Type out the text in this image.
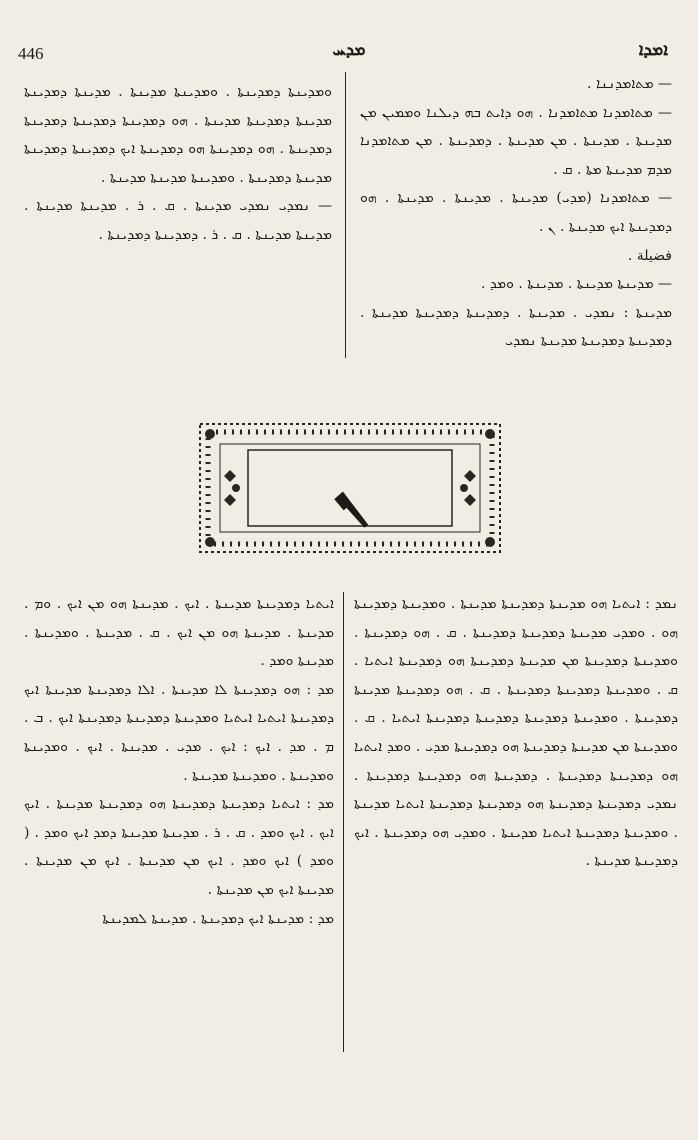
446	ܡܕܚ	ܐܡܕܐ

— ܡܬܐܡܕܢܢܐ .

— ܡܬܐܡܕܢܐ ܡܬܐܡܕܢܐ . ܗܘ ܕܐܝܬ ܒܗ ܕܝܠܢܐ ܘܡܡܝܢ ܡܢ ܡܕܝܢܬܐ . ܡܕܝܢܬܐ . ܡܢ ܡܕܝܢܬܐ . ܕܡܕܝܢܬܐ . ܡܢ ܡܬܐܡܕܢܐ ܡܕܡ ܡܕܝܢܬܐ ܡܬܐ . ܩ .

— ܡܬܐܡܕܢܐ (ܡܕܝ) ܡܕܝܢܬܐ . ܡܕܝܢܬܐ . ܡܕܝܢܬܐ . ܗܘ ܕܡܕܝܢܬܐ ܐܝܟ ܡܕܝܢܬܐ . ܢ .

فضيلة .

— ܡܕܝܢܬܐ ܡܕܝܢܬܐ . ܡܕܝܢܬܐ . ܘܡܕ .

ܡܕܝܢܬܐ : ܢܡܕܝ . ܡܕܝܢܬܐ . ܕܡܕܝܢܬܐ ܕܡܕܝܢܬܐ ܡܕܝܢܬܐ . ܕܡܕܝܢܬܐ ܕܡܕܝܢܬܐ ܡܕܝܢܬܐ ܢܡܕܝ

ܘܡܕܝܢܬܐ ܕܡܕܝܢܬܐ . ܘܡܕܝܢܬܐ ܡܕܝܢܬܐ . ܡܕܝܢܬܐ ܕܡܕܝܢܬܐ ܡܕܝܢܬܐ ܕܡܕܝܢܬܐ ܡܕܝܢܬܐ . ܗܘ ܕܡܕܝܢܬܐ ܕܡܕܝܢܬܐ ܕܡܕܝܢܬܐ ܕܡܕܝܢܬܐ . ܗܘ ܕܡܕܝܢܬܐ ܗܘ ܕܡܕܝܢܬܐ ܐܝܟ ܕܡܕܝܢܬܐ ܕܡܕܝܢܬܐ ܡܕܝܢܬܐ ܕܡܕܝܢܬܐ . ܘܡܕܝܢܬܐ ܡܕܝܢܬܐ ܡܕܝܢܬܐ .

— ܢܡܕܝ ܢܡܕܝ ܡܕܝܢܬܐ . ܩ . ܪ . ܡܕܝܢܬܐ ܡܕܝܢܬܐ . ܡܕܝܢܬܐ ܡܕܝܢܬܐ . ܩ . ܪ . ܕܡܕܝܢܬܐ ܕܡܕܝܢܬܐ .

ܢ

ܢܡܕ : ܐܝܬܝܐ ܗܘ ܡܕܝܢܬܐ ܕܡܕܝܢܬܐ ܡܕܝܢܬܐ . ܘܡܕܝܢܬܐ ܕܡܕܝܢܬܐ ܗܘ . ܘܡܕܝ ܡܕܝܢܬܐ ܕܡܕܝܢܬܐ ܕܡܕܝܢܬܐ . ܩ . ܗܘ ܕܡܕܝܢܬܐ . ܘܡܕܝܢܬܐ ܕܡܕܝܢܬܐ ܡܢ ܡܕܝܢܬܐ ܕܡܕܝܢܬܐ ܗܘ ܕܡܕܝܢܬܐ ܐܝܬܝܐ . ܩ . ܘܡܕܝܢܬܐ ܕܡܕܝܢܬܐ ܕܡܕܝܢܬܐ . ܩ . ܗܘ ܕܡܕܝܢܬܐ ܡܕܝܢܬܐ ܕܡܕܝܢܬܐ . ܘܡܕܝܢܬܐ ܕܡܕܝܢܬܐ ܕܡܕܝܢܬܐ ܕܡܕܝܢܬܐ ܐܝܬܝܐ . ܩ . ܘܡܕܝܢܬܐ ܡܢ ܡܕܝܢܬܐ ܕܡܕܝܢܬܐ ܗܘ ܕܡܕܝܢܬܐ ܡܕܝ . ܘܡܕ ܐܝܬܝܐ ܗܘ ܕܡܕܝܢܬܐ ܕܡܕܝܢܬܐ . ܕܡܕܝܢܬܐ ܗܘ ܕܡܕܝܢܬܐ ܕܡܕܝܢܬܐ . ܢܡܕܝ ܕܡܕܝܢܬܐ ܕܡܕܝܢܬܐ ܗܘ ܕܡܕܝܢܬܐ ܕܡܕܝܢܬܐ ܐܝܬܝܐ ܡܕܝܢܬܐ . ܘܡܕܝܢܬܐ ܕܡܕܝܢܬܐ ܐܝܬܝܐ ܡܕܝܢܬܐ . ܘܡܕܝ ܗܘ ܕܡܕܝܢܬܐ . ܐܝܟ ܕܡܕܝܢܬܐ ܡܕܝܢܬܐ .

ܐܝܬܝܐ ܕܡܕܝܢܬܐ ܡܕܝܢܬܐ . ܐܝܟ . ܡܕܝܢܬܐ ܗܘ ܡܢ ܐܝܟ . ܘܡ . ܡܕܝܢܬܐ . ܡܕܝܢܬܐ ܗܘ ܡܢ ܐܝܟ . ܩ . ܡܕܝܢܬܐ . ܘܡܕܝܢܬܐ . ܡܕܝܢܬܐ ܘܡܕ .

ܡܕ : ܗܘ ܕܡܕܝܢܬܐ ܠܐ ܡܕܝܢܬܐ . ܐܠܐ ܕܡܕܝܢܬܐ ܡܕܝܢܬܐ ܐܝܟ ܕܡܕܝܢܬܐ ܐܝܬܝܐ ܐܝܬܝܐ ܘܡܕܝܢܬܐ ܕܡܕܝܢܬܐ ܕܡܕܝܢܬܐ ܐܝܟ . ܒ . ܡ . ܡܕ . ܐܝܟ : ܐܝܟ . ܡܕܝ . ܡܕܝܢܬܐ . ܐܝܟ . ܘܡܕܝܢܬܐ ܘܡܕܝܢܬܐ . ܘܡܕܝܢܬܐ ܡܕܝܢܬܐ .

ܡܕ : ܐܝܬܝܐ ܕܡܕܝܢܬܐ ܕܡܕܝܢܬܐ ܗܘ ܕܡܕܝܢܬܐ ܡܕܝܢܬܐ . ܐܝܟ ܐܝܟ . ܐܝܟ ܘܡܕ . ܩ . ܪ . ܡܕܝܢܬܐ ܡܕܝܢܬܐ ܕܡܕ ܐܝܟ ܘܡܕ . ( ܘܡܕ ) ܐܝܟ ܘܡܕ . ܐܝܟ ܡܢ ܡܕܝܢܬܐ . ܐܝܟ ܡܢ ܡܕܝܢܬܐ . ܡܕܝܢܬܐ ܐܝܟ ܡܢ ܡܕܝܢܬܐ .

ܡܕ : ܡܕܝܢܬܐ ܐܝܟ ܕܡܕܝܢܬܐ . ܡܕܝܢܬܐ ܠܡܕܝܢܬܐ
